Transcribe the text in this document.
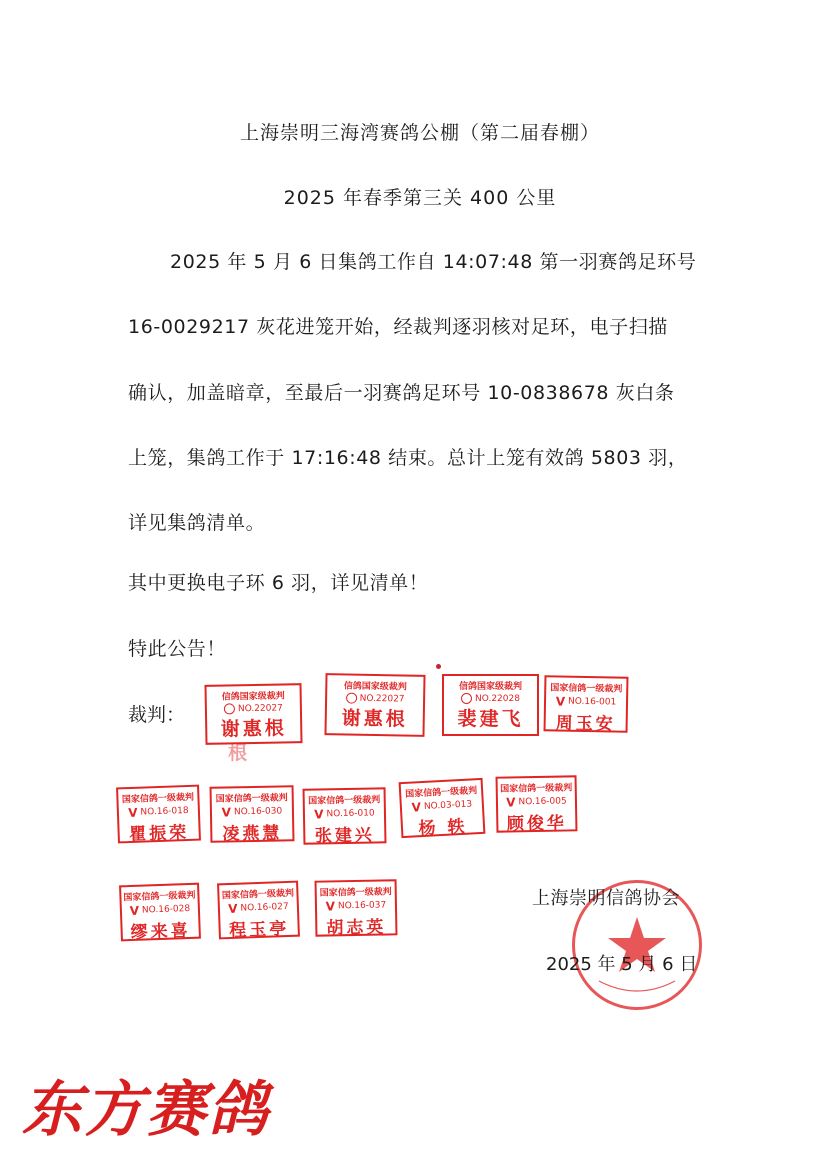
上海崇明三海湾赛鸽公棚（第二届春棚）
2025 年春季第三关 400 公里
2025 年 5 月 6 日集鸽工作自 14:07:48 第一羽赛鸽足环号
16-0029217 灰花进笼开始，经裁判逐羽核对足环，电子扫描
确认，加盖暗章，至最后一羽赛鸽足环号 10-0838678 灰白条
上笼，集鸽工作于 17:16:48 结束。总计上笼有效鸽 5803 羽，
详见集鸽清单。
其中更换电子环 6 羽，详见清单！
特此公告！
裁判：
信鸽国家级裁判
NO.22027
谢惠根
根
信鸽国家级裁判
NO.22027
谢惠根
信鸽国家级裁判
NO.22028
裴建飞
国家信鸽一级裁判
V NO.16-001
周玉安
国家信鸽一级裁判
V NO.16-018
瞿振荣
国家信鸽一级裁判
V NO.16-030
凌燕慧
国家信鸽一级裁判
V NO.16-010
张建兴
国家信鸽一级裁判
V NO.03-013
杨 轶
国家信鸽一级裁判
V NO.16-005
顾俊华
国家信鸽一级裁判
V NO.16-028
缪来喜
国家信鸽一级裁判
V NO.16-027
程玉亭
国家信鸽一级裁判
V NO.16-037
胡志英
上海崇明信鸽协会
2025 年 5 月 6 日
东方赛鸽
